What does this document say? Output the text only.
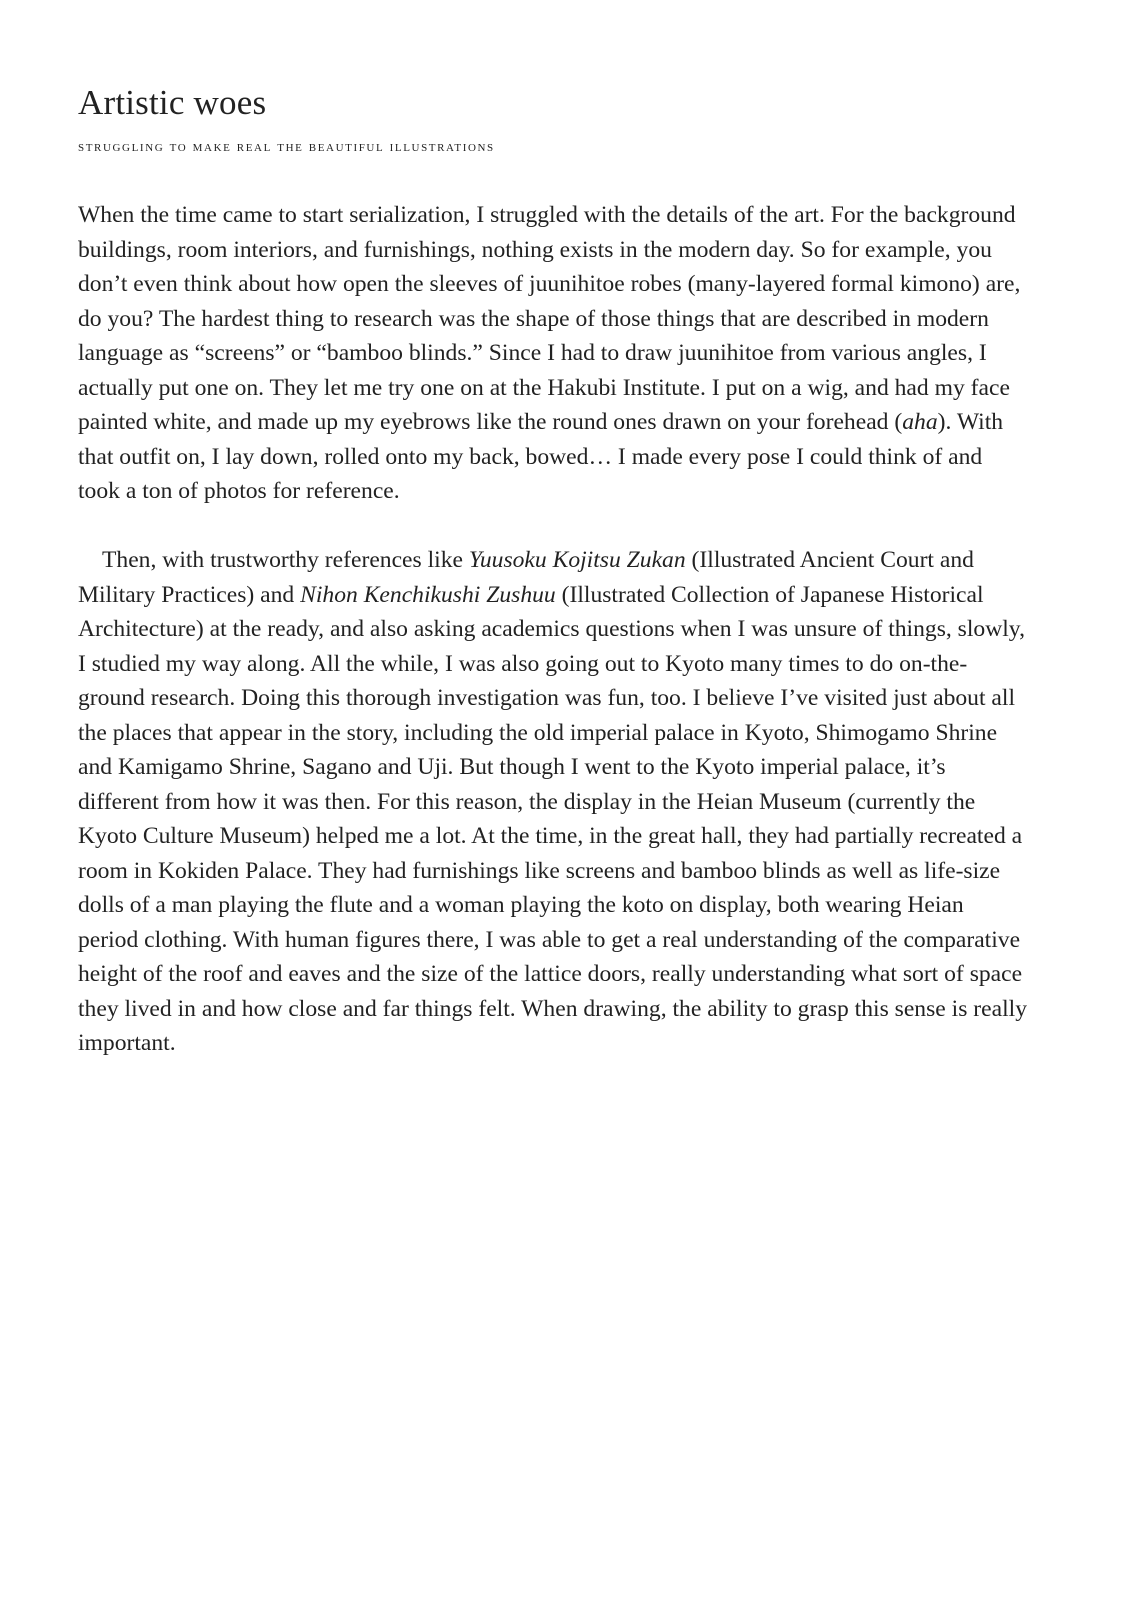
Artistic woes
struggling to make real the beautiful illustrations

When the time came to start serialization, I struggled with the details of the art. For the background buildings, room interiors, and furnishings, nothing exists in the modern day. So for example, you don’t even think about how open the sleeves of juunihitoe robes (many-layered formal kimono) are, do you? The hardest thing to research was the shape of those things that are described in modern language as “screens” or “bamboo blinds.” Since I had to draw juunihitoe from various angles, I actually put one on. They let me try one on at the Hakubi Institute. I put on a wig, and had my face painted white, and made up my eyebrows like the round ones drawn on your forehead (aha). With that outfit on, I lay down, rolled onto my back, bowed… I made every pose I could think of and took a ton of photos for reference.

Then, with trustworthy references like Yuusoku Kojitsu Zukan (Illustrated Ancient Court and Military Practices) and Nihon Kenchikushi Zushuu (Illustrated Collection of Japanese Historical Architecture) at the ready, and also asking academics questions when I was unsure of things, slowly, I studied my way along. All the while, I was also going out to Kyoto many times to do on-the-ground research. Doing this thorough investigation was fun, too. I believe I’ve visited just about all the places that appear in the story, including the old imperial palace in Kyoto, Shimogamo Shrine and Kamigamo Shrine, Sagano and Uji. But though I went to the Kyoto imperial palace, it’s different from how it was then. For this reason, the display in the Heian Museum (currently the Kyoto Culture Museum) helped me a lot. At the time, in the great hall, they had partially recreated a room in Kokiden Palace. They had furnishings like screens and bamboo blinds as well as life-size dolls of a man playing the flute and a woman playing the koto on display, both wearing Heian period clothing. With human figures there, I was able to get a real understanding of the comparative height of the roof and eaves and the size of the lattice doors, really understanding what sort of space they lived in and how close and far things felt. When drawing, the ability to grasp this sense is really important.
